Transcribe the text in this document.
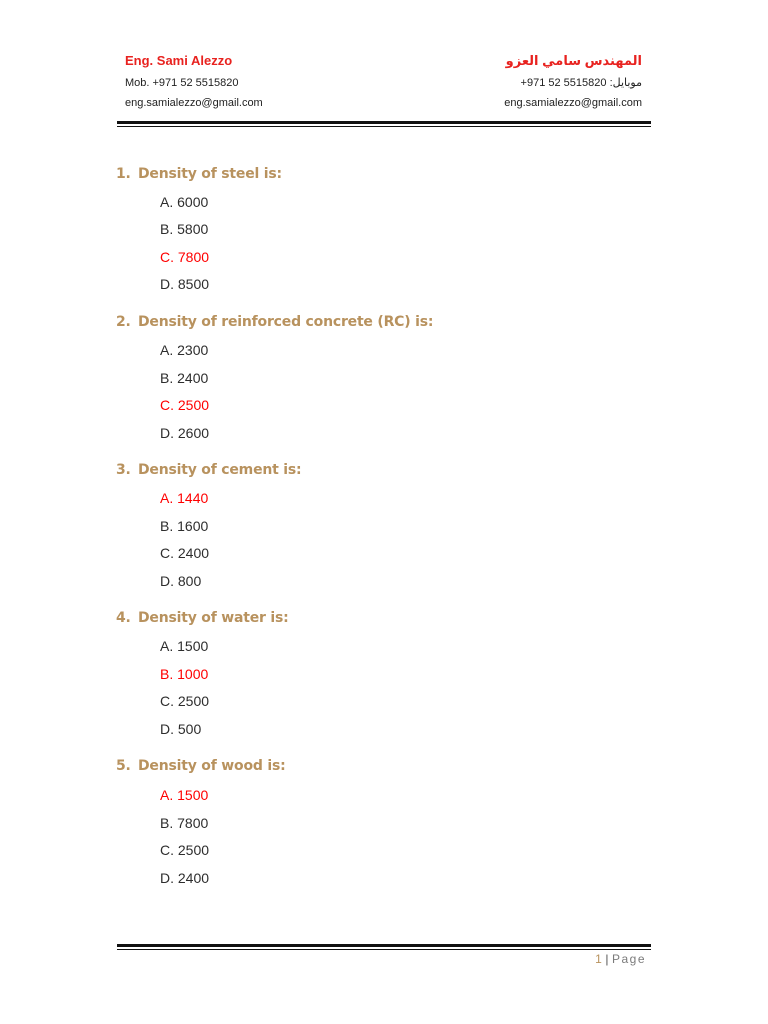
Eng. Sami Alezzo
Mob. +971 52 5515820
eng.samialezzo@gmail.com
المهندس سامي العزو
موبايل: +971 52 5515820
eng.samialezzo@gmail.com
1. Density of steel is:
A. 6000
B. 5800
C. 7800
D. 8500
2. Density of reinforced concrete (RC) is:
A. 2300
B. 2400
C. 2500
D. 2600
3. Density of cement is:
A. 1440
B. 1600
C. 2400
D. 800
4. Density of water is:
A. 1500
B. 1000
C. 2500
D. 500
5. Density of wood is:
A. 1500
B. 7800
C. 2500
D. 2400
1 | Page
